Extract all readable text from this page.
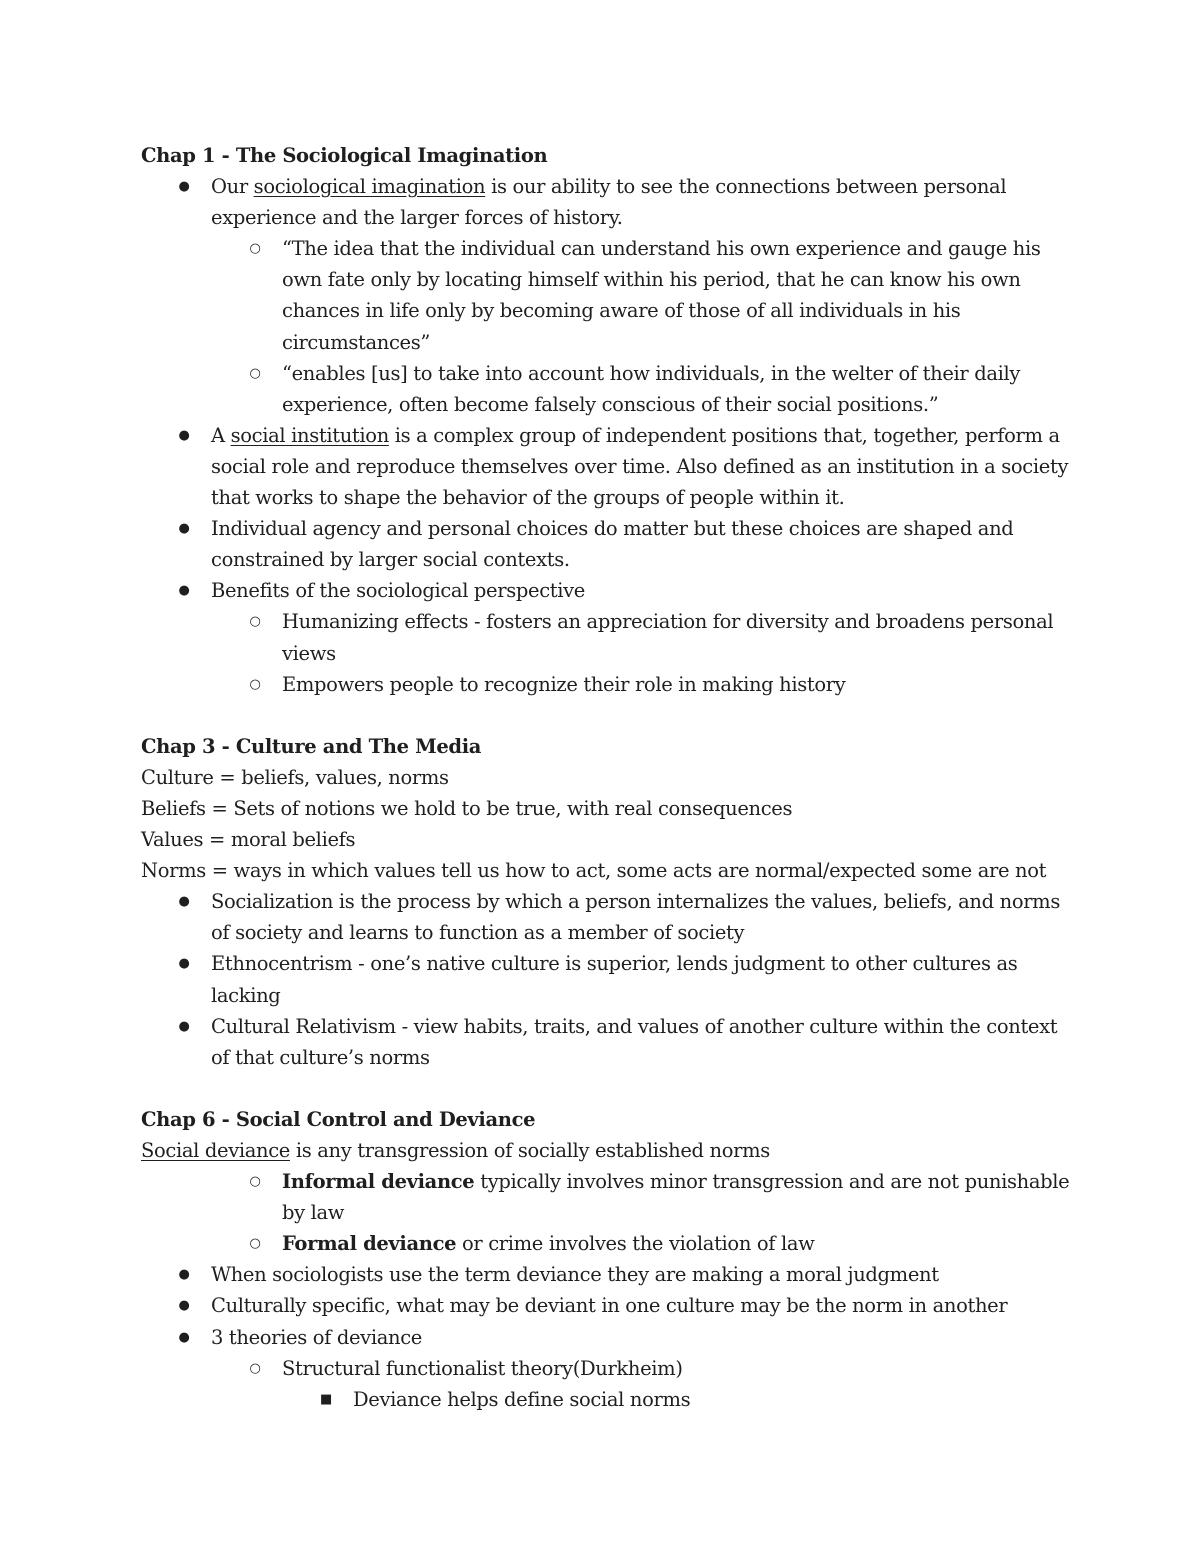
Chap 1 - The Sociological Imagination
●	Our sociological imagination is our ability to see the connections between personal
experience and the larger forces of history.
○	“The idea that the individual can understand his own experience and gauge his
own fate only by locating himself within his period, that he can know his own
chances in life only by becoming aware of those of all individuals in his
circumstances”
○	“enables [us] to take into account how individuals, in the welter of their daily
experience, often become falsely conscious of their social positions.”
●	A social institution is a complex group of independent positions that, together, perform a
social role and reproduce themselves over time. Also defined as an institution in a society
that works to shape the behavior of the groups of people within it.
●	Individual agency and personal choices do matter but these choices are shaped and
constrained by larger social contexts.
●	Benefits of the sociological perspective
○	Humanizing effects - fosters an appreciation for diversity and broadens personal
views
○	Empowers people to recognize their role in making history
Chap 3 - Culture and The Media
Culture = beliefs, values, norms
Beliefs = Sets of notions we hold to be true, with real consequences
Values = moral beliefs
Norms = ways in which values tell us how to act, some acts are normal/expected some are not
●	Socialization is the process by which a person internalizes the values, beliefs, and norms
of society and learns to function as a member of society
●	Ethnocentrism - one’s native culture is superior, lends judgment to other cultures as
lacking
●	Cultural Relativism - view habits, traits, and values of another culture within the context
of that culture’s norms
Chap 6 - Social Control and Deviance
Social deviance is any transgression of socially established norms
○	Informal deviance typically involves minor transgression and are not punishable
by law
○	Formal deviance or crime involves the violation of law
●	When sociologists use the term deviance they are making a moral judgment
●	Culturally specific, what may be deviant in one culture may be the norm in another
●	3 theories of deviance
○	Structural functionalist theory(Durkheim)
■	Deviance helps define social norms
